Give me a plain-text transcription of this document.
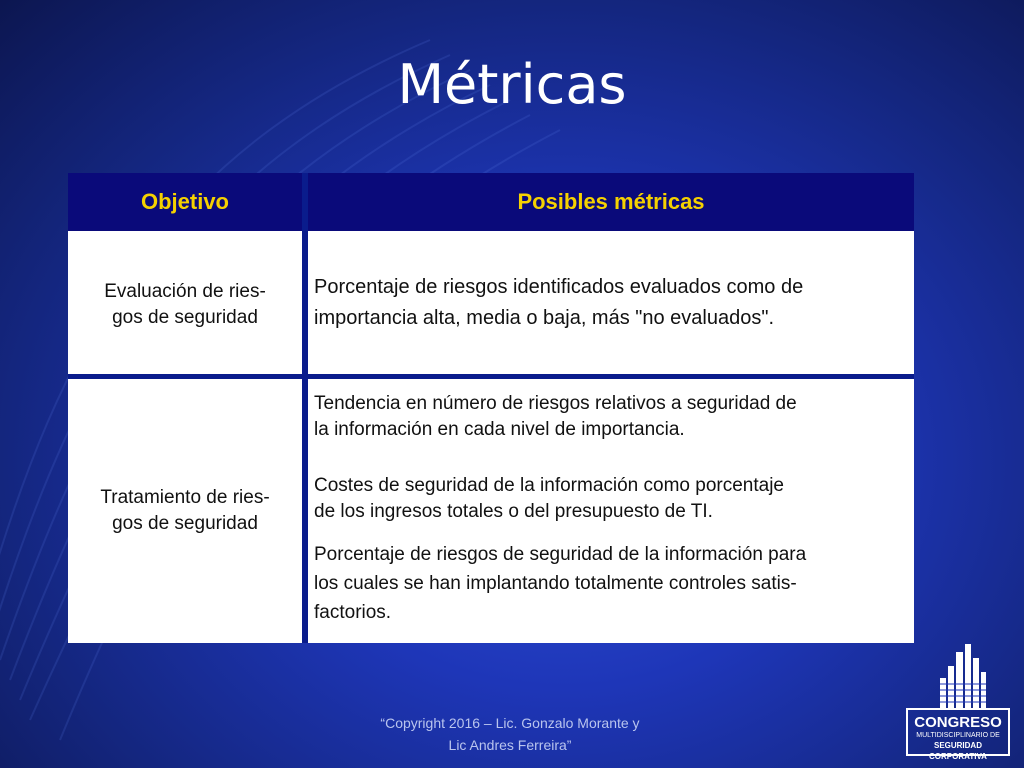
Métricas
Objetivo	Posibles métricas
Evaluación de ries-
gos de seguridad
Porcentaje de riesgos identificados evaluados como de
importancia alta, media o baja, más "no evaluados".
Tratamiento de ries-
gos de seguridad
Tendencia en número de riesgos relativos a seguridad de
la información en cada nivel de importancia.
Costes de seguridad de la información como porcentaje
de los ingresos totales o del presupuesto de TI.
Porcentaje de riesgos de seguridad de la información para
los cuales se han implantando totalmente controles satis-
factorios.
“Copyright 2016 – Lic. Gonzalo Morante y
Lic Andres Ferreira”
CONGRESO
MULTIDISCIPLINARIO DE
SEGURIDAD CORPORATIVA
